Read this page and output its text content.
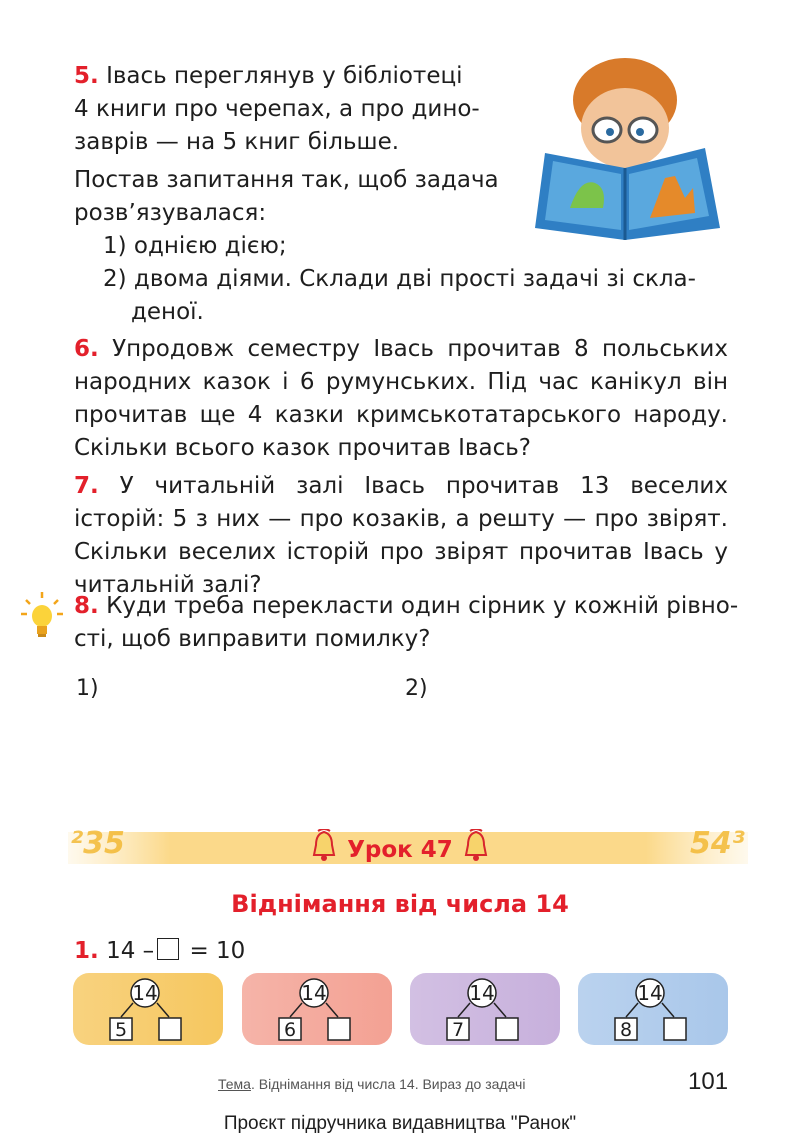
5. Івась переглянув у бібліотеці

4 книги про черепах, а про дино-

заврів — на 5 книг більше.

Постав запитання так, щоб задача

розв’язувалася:

1) однією дією;

2) двома діями. Склади дві прості задачі зі скла-

деної.

6. Упродовж семестру Івась прочитав 8 польських народних казок і 6 румунських. Під час канікул він прочитав ще 4 казки кримськотатарського народу. Скільки всього казок прочитав Івась?

7. У читальній залі Івась прочитав 13 веселих історій: 5 з них — про козаків, а решту — про звірят. Скільки веселих історій про звірят прочитав Івась у читальній залі?

8. Куди треба перекласти один сірник у кожній рівно-

сті, щоб виправити помилку?

1)	2)
²35	54³
Урок 47
Віднімання від числа 14
1. 14 – = 10
14
5
14
6
14
7
14
8
Тема. Віднімання від числа 14. Вираз до задачі	101
Проєкт підручника видавництва "Ранок"
